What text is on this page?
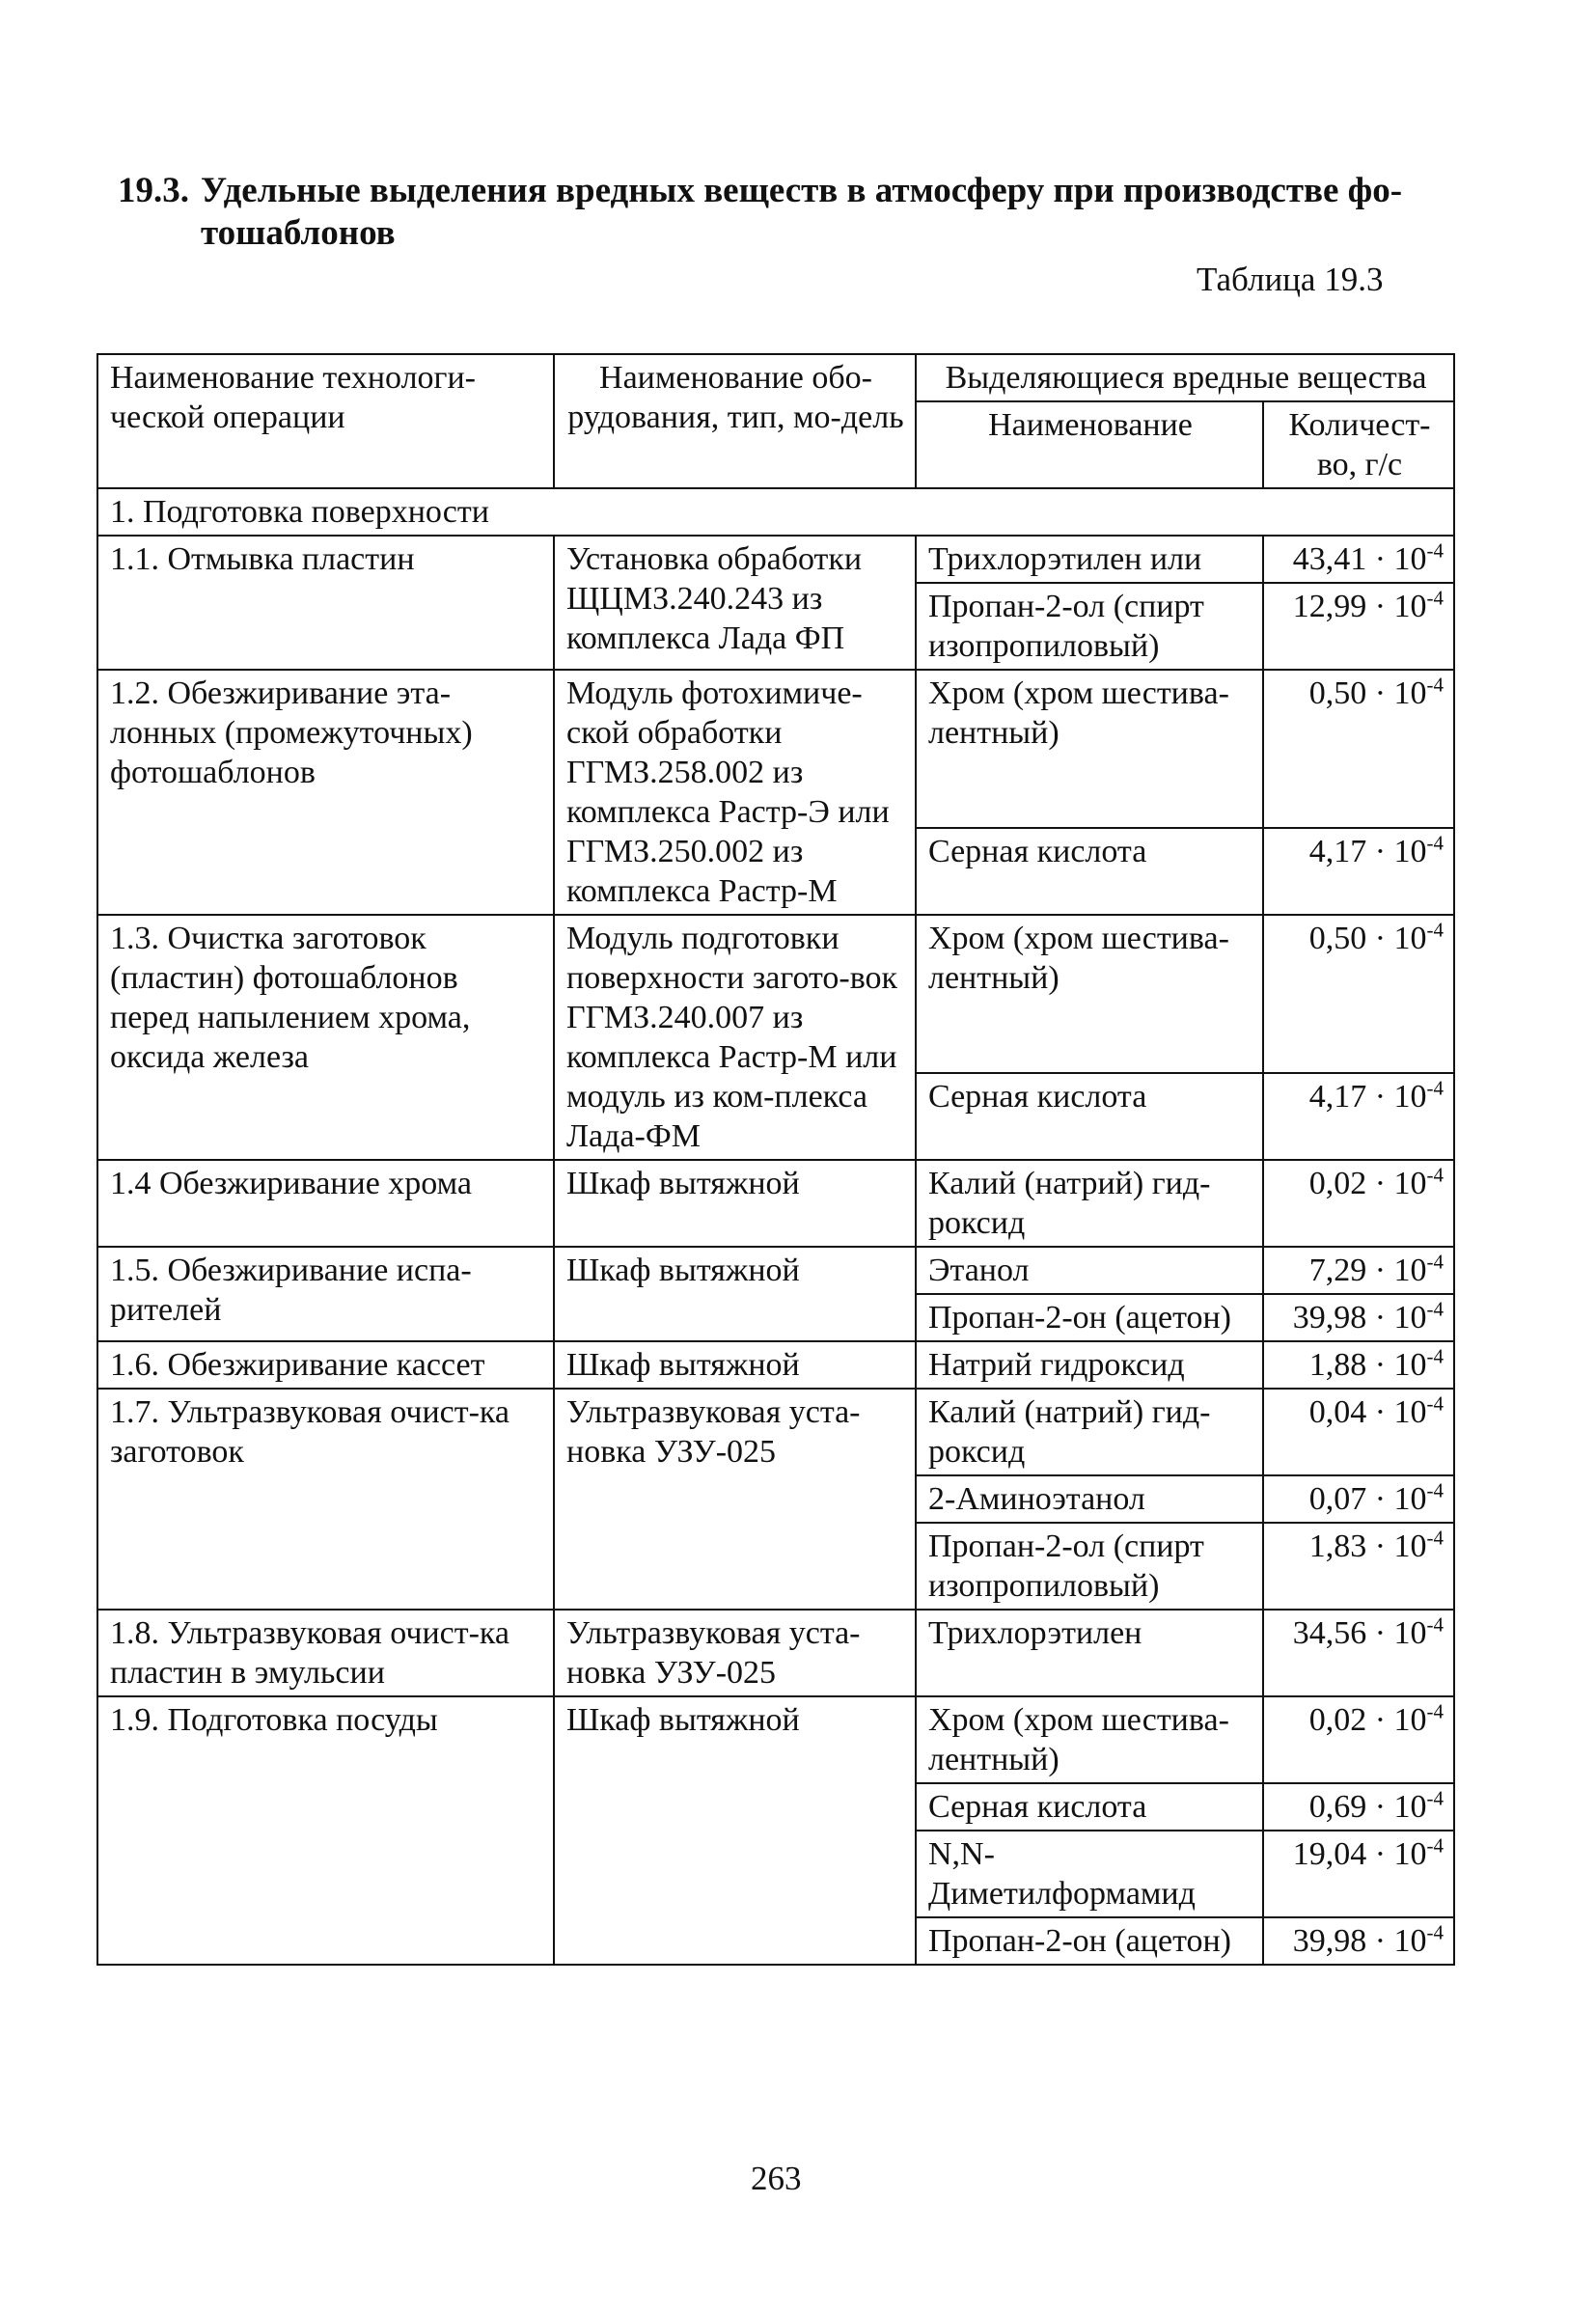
19.3. Удельные выделения вредных веществ в атмосферу при производстве фо-
тошаблонов
Таблица 19.3
Наименование технологи-ческой операции	Наименование обо-рудования, тип, мо-дель	Выделяющиеся вредные вещества	
		Наименование	Количест-во, г/с
1. Подготовка поверхности			
1.1. Отмывка пластин	Установка обработки ЩЦМЗ.240.243 из комплекса Лада ФП	Трихлорэтилен или	$43,41 \cdot 10^{-4}$
		Пропан-2-ол (спирт изопропиловый)	$12,99 \cdot 10^{-4}$
1.2. Обезжиривание эта-лонных (промежуточных) фотошаблонов	Модуль фотохимиче-ской обработки ГГМЗ.258.002 из комплекса Растр-Э или ГГМЗ.250.002 из комплекса Растр-М	Хром (хром шестива-лентный)	$0,50 \cdot 10^{-4}$
		Серная кислота	$4,17 \cdot 10^{-4}$
1.3. Очистка заготовок (пластин) фотошаблонов перед напылением хрома, оксида железа	Модуль подготовки поверхности загото-вок ГГМЗ.240.007 из комплекса Растр-М или модуль из ком-плекса Лада-ФМ	Хром (хром шестива-лентный)	$0,50 \cdot 10^{-4}$
		Серная кислота	$4,17 \cdot 10^{-4}$
1.4 Обезжиривание хрома	Шкаф вытяжной	Калий (натрий) гид-роксид	$0,02 \cdot 10^{-4}$
1.5. Обезжиривание испа-рителей	Шкаф вытяжной	Этанол	$7,29 \cdot 10^{-4}$
		Пропан-2-он (ацетон)	$39,98 \cdot 10^{-4}$
1.6. Обезжиривание кассет	Шкаф вытяжной	Натрий гидроксид	$1,88 \cdot 10^{-4}$
1.7. Ультразвуковая очист-ка заготовок	Ультразвуковая уста-новка УЗУ-025	Калий (натрий) гид-роксид	$0,04 \cdot 10^{-4}$
		2-Аминоэтанол	$0,07 \cdot 10^{-4}$
		Пропан-2-ол (спирт изопропиловый)	$1,83 \cdot 10^{-4}$
1.8. Ультразвуковая очист-ка пластин в эмульсии	Ультразвуковая уста-новка УЗУ-025	Трихлорэтилен	$34,56 \cdot 10^{-4}$
1.9. Подготовка посуды	Шкаф вытяжной	Хром (хром шестива-лентный)	$0,02 \cdot 10^{-4}$
		Серная кислота	$0,69 \cdot 10^{-4}$
		N,N-Диметилформамид	$19,04 \cdot 10^{-4}$
		Пропан-2-он (ацетон)	$39,98 \cdot 10^{-4}$
263
